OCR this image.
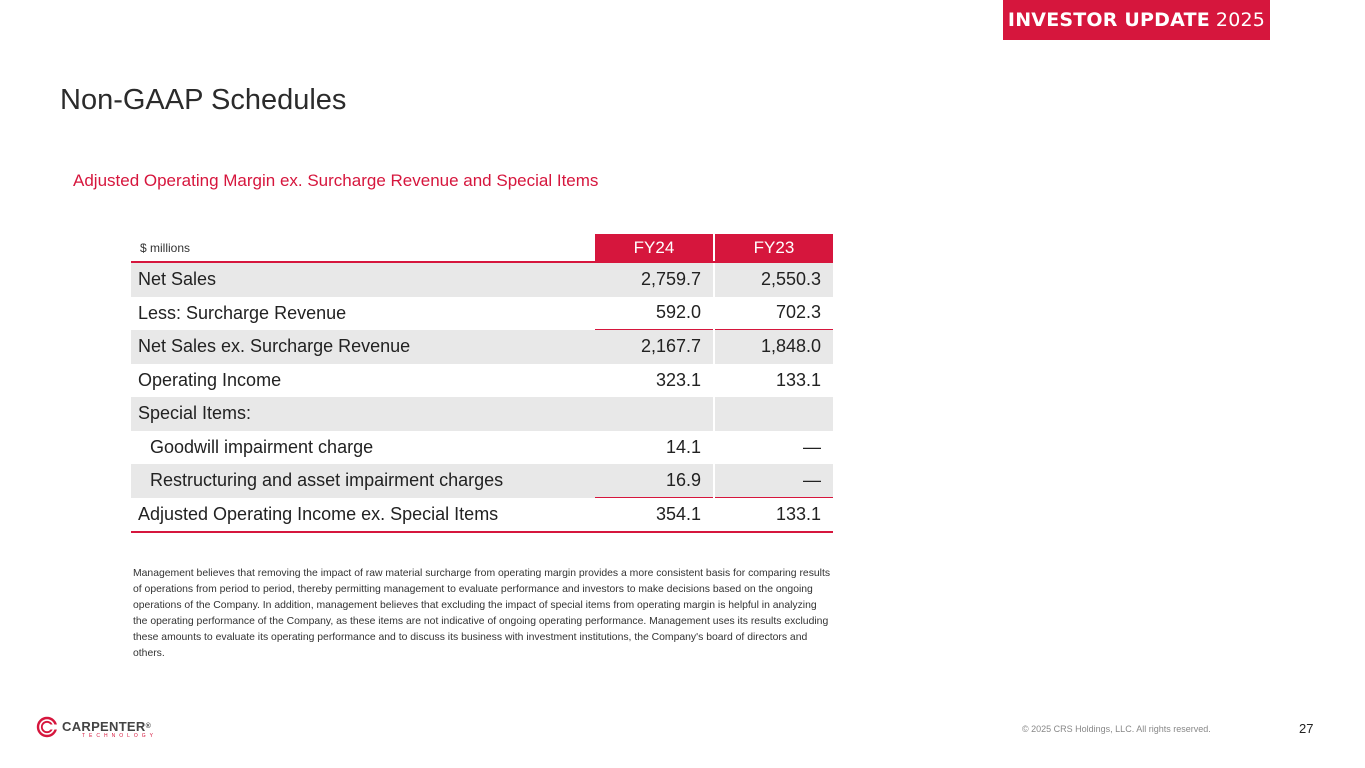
INVESTOR UPDATE 2025
Non-GAAP Schedules
Adjusted Operating Margin ex. Surcharge Revenue and Special Items
$ millions	FY24	FY23
Net Sales	2,759.7	2,550.3
Less: Surcharge Revenue	592.0	702.3
Net Sales ex. Surcharge Revenue	2,167.7	1,848.0
Operating Income	323.1	133.1
Special Items:
Goodwill impairment charge	14.1	—
Restructuring and asset impairment charges	16.9	—
Adjusted Operating Income ex. Special Items	354.1	133.1
Management believes that removing the impact of raw material surcharge from operating margin provides a more consistent basis for comparing results of operations from period to period, thereby permitting management to evaluate performance and investors to make decisions based on the ongoing operations of the Company. In addition, management believes that excluding the impact of special items from operating margin is helpful in analyzing the operating performance of the Company, as these items are not indicative of ongoing operating performance. Management uses its results excluding these amounts to evaluate its operating performance and to discuss its business with investment institutions, the Company's board of directors and others.
CARPENTER®
TECHNOLOGY
© 2025 CRS Holdings, LLC. All rights reserved.	27
